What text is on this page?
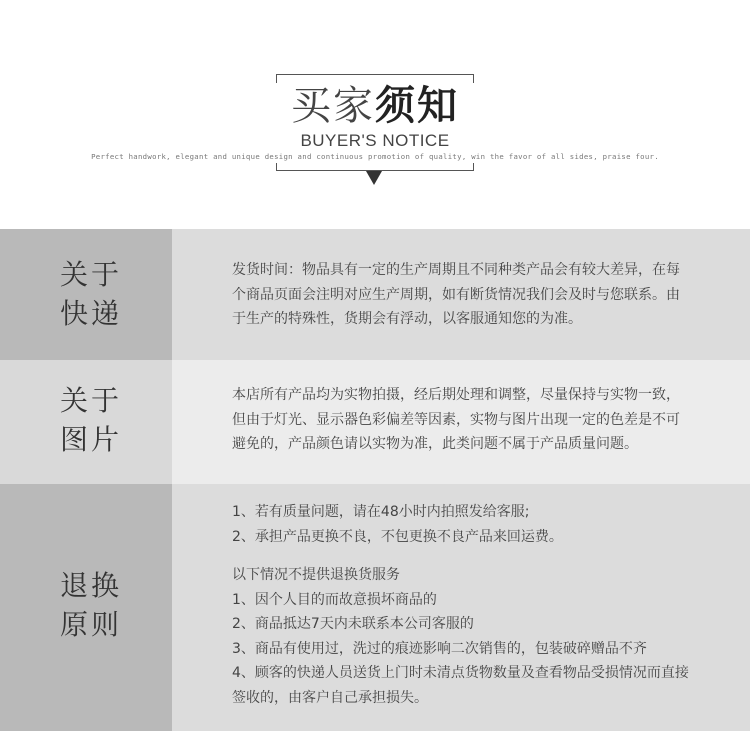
买家须知
BUYER'S NOTICE
Perfect handwork, elegant and unique design and continuous promotion of quality, win the favor of all sides, praise four.
关于
快递
发货时间：物品具有一定的生产周期且不同种类产品会有较大差异，在每
个商品页面会注明对应生产周期，如有断货情况我们会及时与您联系。由
于生产的特殊性，货期会有浮动，以客服通知您的为准。
关于
图片
本店所有产品均为实物拍摄，经后期处理和调整，尽量保持与实物一致，
但由于灯光、显示器色彩偏差等因素，实物与图片出现一定的色差是不可
避免的，产品颜色请以实物为准，此类问题不属于产品质量问题。
退换
原则
1、若有质量问题，请在48小时内拍照发给客服;
2、承担产品更换不良，不包更换不良产品来回运费。
以下情况不提供退换货服务
1、因个人目的而故意损坏商品的
2、商品抵达7天内未联系本公司客服的
3、商品有使用过，洗过的痕迹影响二次销售的，包装破碎赠品不齐
4、顾客的快递人员送货上门时未清点货物数量及查看物品受损情况而直接
签收的，由客户自己承担损失。
